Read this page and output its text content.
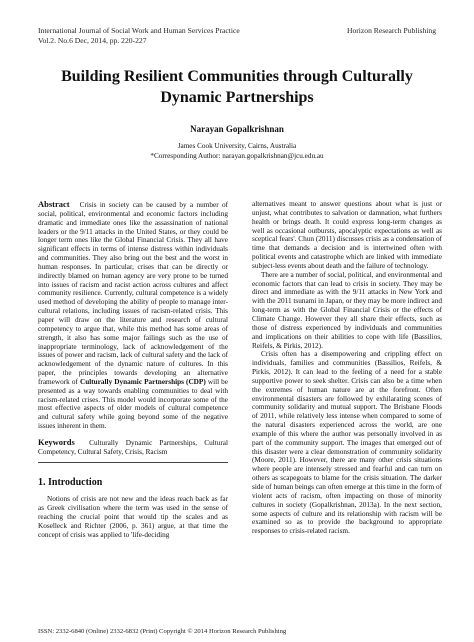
International Journal of Social Work and Human Services Practice
Vol.2. No.6 Dec, 2014, pp. 220-227
Horizon Research Publishing
Building Resilient Communities through Culturally Dynamic Partnerships
Narayan Gopalkrishnan
James Cook University, Cairns, Australia
*Corresponding Author: narayan.gopalkrishnan@jcu.edu.au

Abstract Crisis in society can be caused by a number of social, political, environmental and economic factors including dramatic and immediate ones like the assassination of national leaders or the 9/11 attacks in the United States, or they could be longer term ones like the Global Financial Crisis. They all have significant effects in terms of intense distress within individuals and communities. They also bring out the best and the worst in human responses. In particular, crises that can be directly or indirectly blamed on human agency are very prone to be turned into issues of racism and racist action across cultures and affect community resilience. Currently, cultural competence is a widely used method of developing the ability of people to manage inter-cultural relations, including issues of racism-related crisis. This paper will draw on the literature and research of cultural competency to argue that, while this method has some areas of strength, it also has some major failings such as the use of inappropriate terminology, lack of acknowledgement of the issues of power and racism, lack of cultural safety and the lack of acknowledgement of the dynamic nature of cultures. In this paper, the principles towards developing an alternative framework of Culturally Dynamic Partnerships (CDP) will be presented as a way towards enabling communities to deal with racism-related crises. This model would incorporate some of the most effective aspects of older models of cultural competence and cultural safety while going beyond some of the negative issues inherent in them.

Keywords Culturally Dynamic Partnerships, Cultural Competency, Cultural Safety, Crisis, Racism

1. Introduction

Notions of crisis are not new and the ideas reach back as far as Greek civilisation where the term was used in the sense of reaching the crucial point that would tip the scales and as Koselleck and Richter (2006, p. 361) argue, at that time the concept of crisis was applied to 'life-deciding

alternatives meant to answer questions about what is just or unjust, what contributes to salvation or damnation, what furthers health or brings death. It could express long-term changes as well as occasional outbursts, apocalyptic expectations as well as sceptical fears'. Chun (2011) discusses crisis as a condensation of time that demands a decision and is intertwined often with political events and catastrophe which are linked with immediate subject-less events about death and the failure of technology.

There are a number of social, political, and environmental and economic factors that can lead to crisis in society. They may be direct and immediate as with the 9/11 attacks in New York and with the 2011 tsunami in Japan, or they may be more indirect and long-term as with the Global Financial Crisis or the effects of Climate Change. However they all share their effects, such as those of distress experienced by individuals and communities and implications on their abilities to cope with life (Bassilios, Reifels, & Pirkis, 2012).

Crisis often has a disempowering and crippling effect on individuals, families and communities (Bassilios, Reifels, & Pirkis, 2012). It can lead to the feeling of a need for a stable supportive power to seek shelter. Crisis can also be a time when the extremes of human nature are at the forefront. Often environmental disasters are followed by exhilarating scenes of community solidarity and mutual support. The Brisbane Floods of 2011, while relatively less intense when compared to some of the natural disasters experienced across the world, are one example of this where the author was personally involved in as part of the community support. The images that emerged out of this disaster were a clear demonstration of community solidarity (Moore, 2011). However, there are many other crisis situations where people are intensely stressed and fearful and can turn on others as scapegoats to blame for the crisis situation. The darker side of human beings can often emerge at this time in the form of violent acts of racism, often impacting on those of minority cultures in society (Gopalkrishnan, 2013a). In the next section, some aspects of culture and its relationship with racism will be examined so as to provide the background to appropriate responses to crisis-related racism.

ISSN: 2332-6840 (Online) 2332-6832 (Print) Copyright © 2014 Horizon Research Publishing
